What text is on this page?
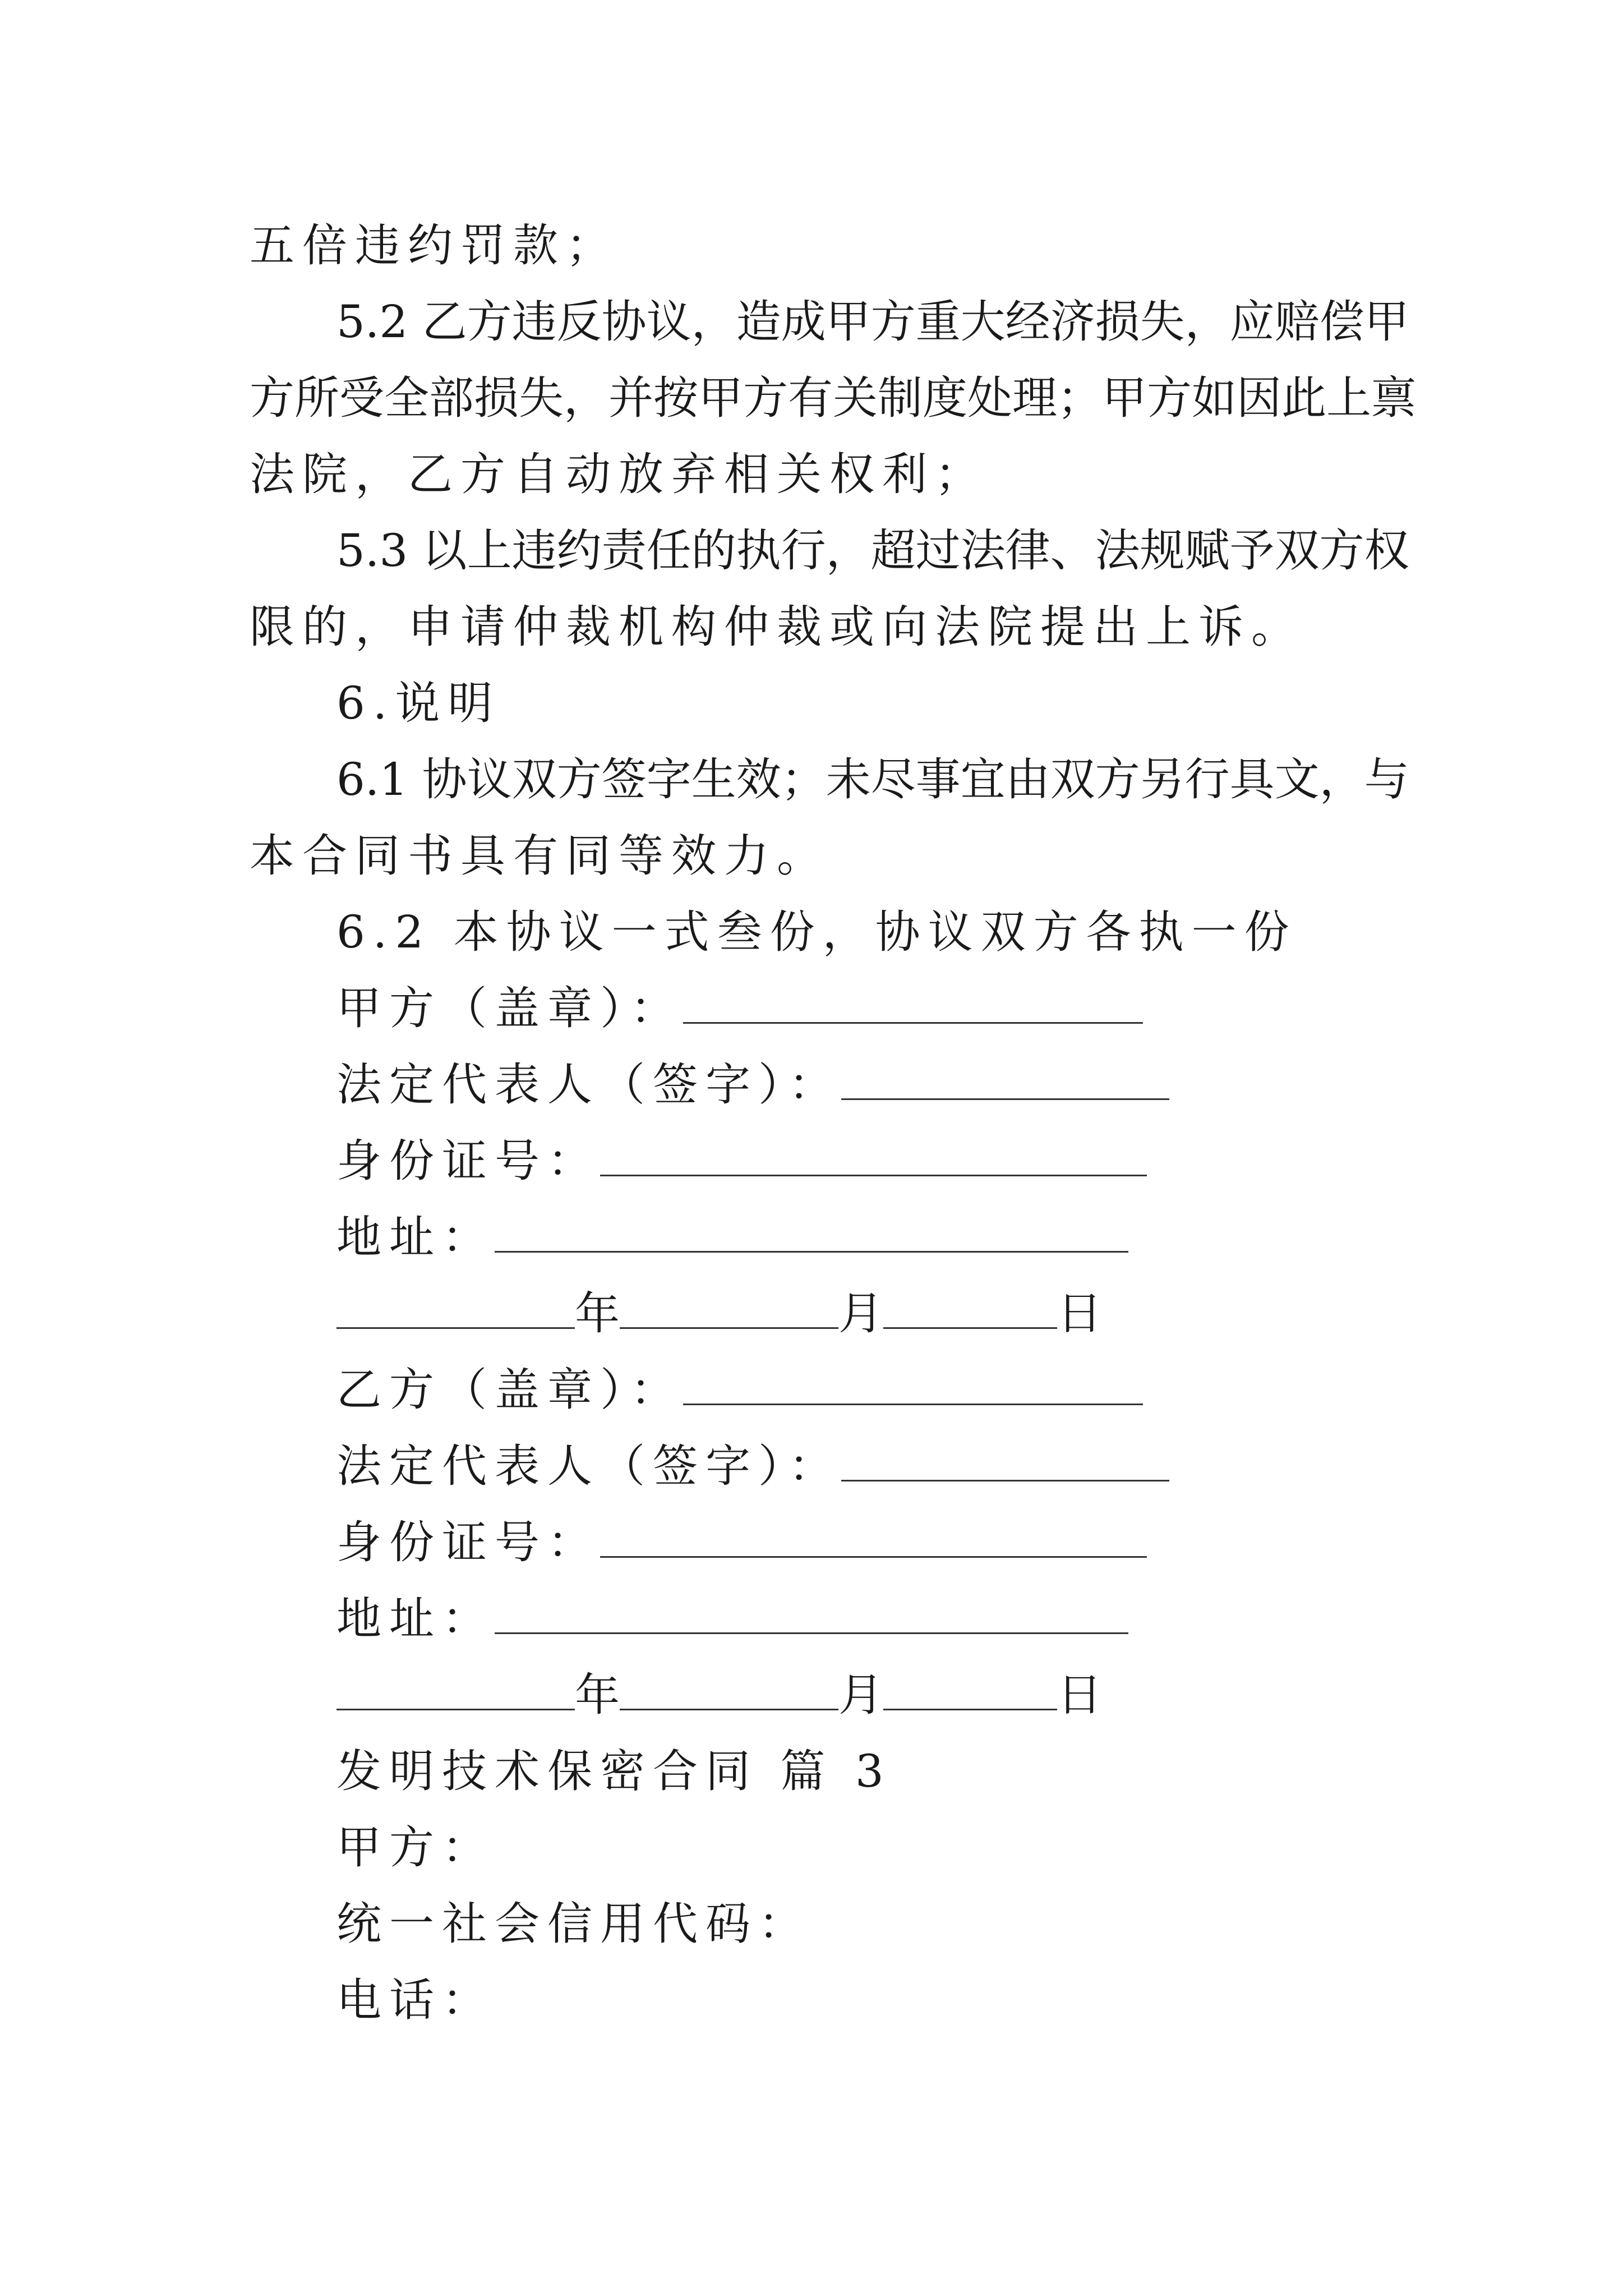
五倍违约罚款；
5.2 乙方违反协议，造成甲方重大经济损失，应赔偿甲
方所受全部损失，并按甲方有关制度处理；甲方如因此上禀
法院，乙方自动放弃相关权利；
5.3 以上违约责任的执行，超过法律、法规赋予双方权
限的，申请仲裁机构仲裁或向法院提出上诉。
6.说明
6.1 协议双方签字生效；未尽事宜由双方另行具文，与
本合同书具有同等效力。
6.2 本协议一式叁份，协议双方各执一份
甲方（盖章）：
法定代表人（签字）：
身份证号：
地址：
年	月	日
乙方（盖章）：
法定代表人（签字）：
身份证号：
地址：
年	月	日
发明技术保密合同 篇 3
甲方：
统一社会信用代码：
电话：
